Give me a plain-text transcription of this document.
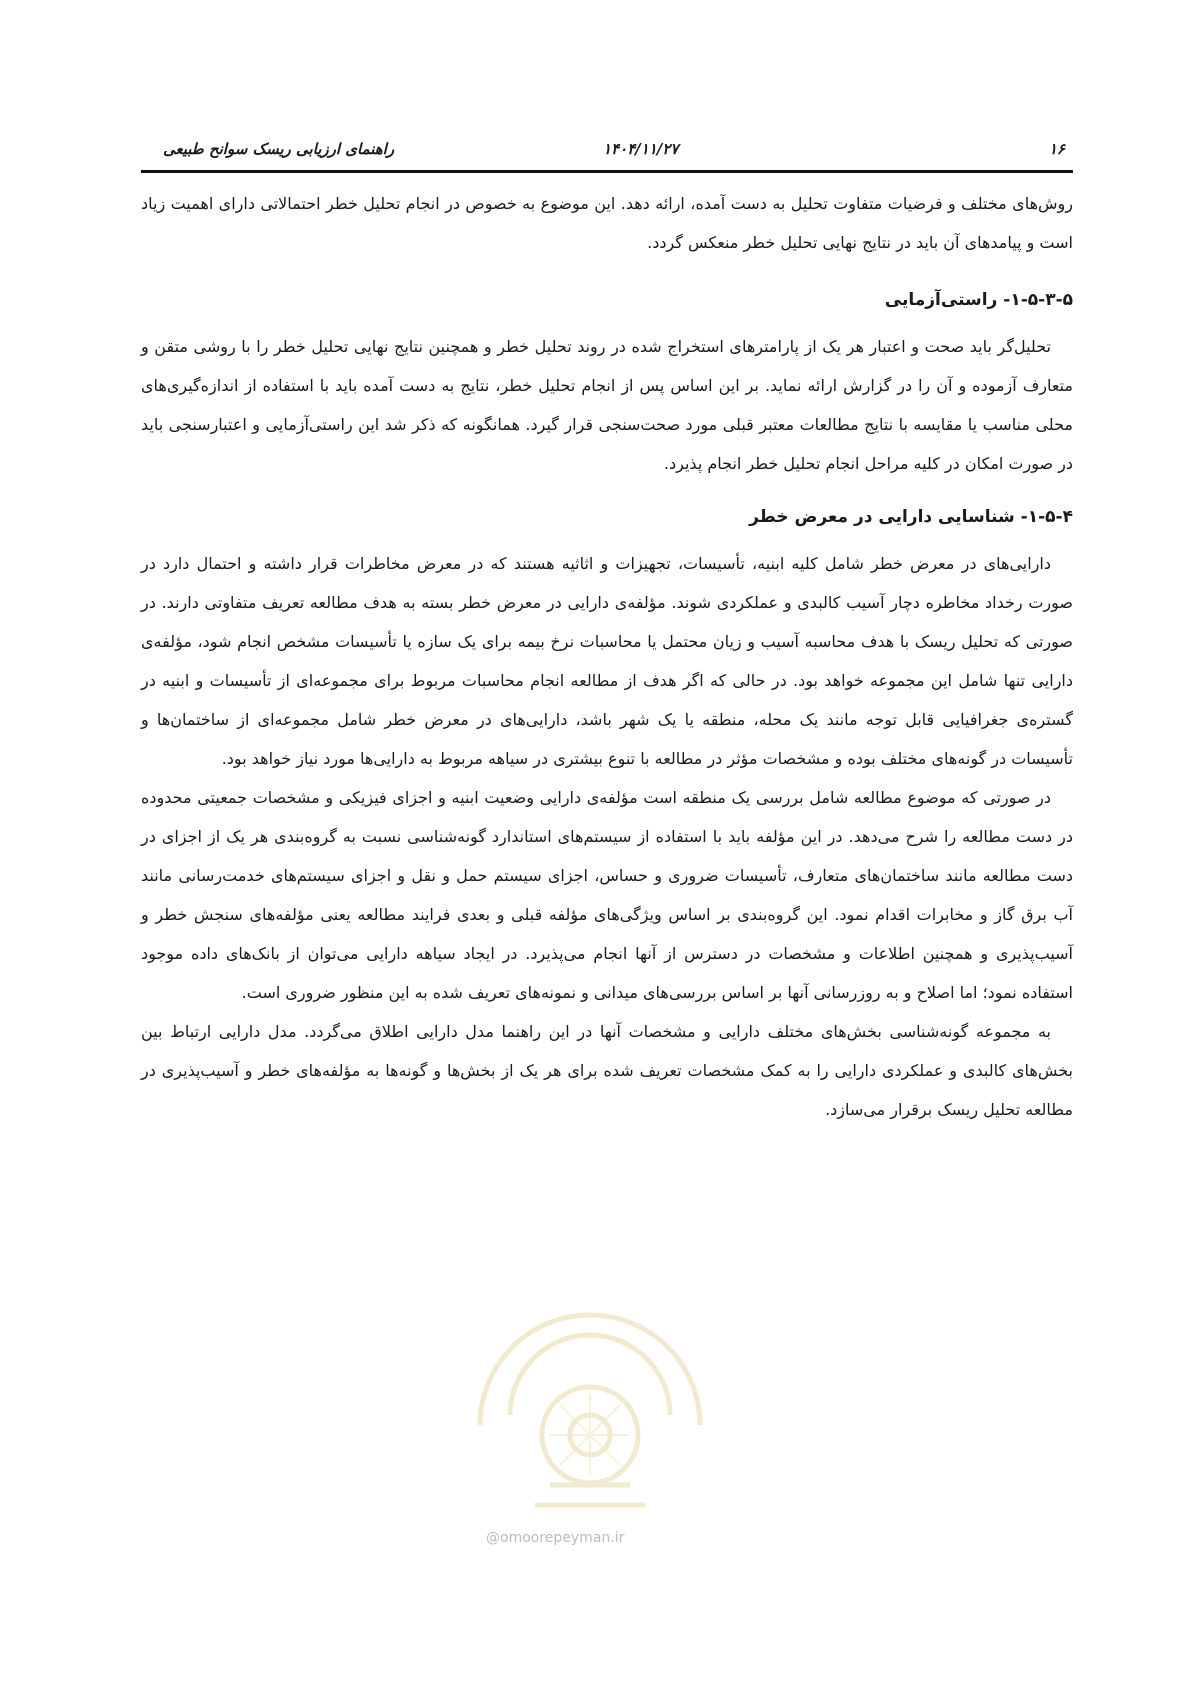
۱۶
۱۴۰۴/۱۱/۲۷
راهنمای ارزیابی ریسک سوانح طبیعی

روش‌های مختلف و فرضیات متفاوت تحلیل به دست آمده، ارائه دهد. این موضوع به خصوص در انجام تحلیل خطر احتمالاتی دارای اهمیت زیاد است و پیامدهای آن باید در نتایج نهایی تحلیل خطر منعکس گردد.

۱-۵-۳-۵- راستی‌آزمایی

تحلیل‌گر باید صحت و اعتبار هر یک از پارامترهای استخراج شده در روند تحلیل خطر و همچنین نتایج نهایی تحلیل خطر را با روشی متقن و متعارف آزموده و آن را در گزارش ارائه نماید. بر این اساس پس از انجام تحلیل خطر، نتایج به دست آمده باید با استفاده از اندازه‌گیری‌های محلی مناسب یا مقایسه با نتایج مطالعات معتبر قبلی مورد صحت‌سنجی قرار گیرد. همانگونه که ذکر شد این راستی‌آزمایی و اعتبارسنجی باید در صورت امکان در کلیه مراحل انجام تحلیل خطر انجام پذیرد.

۱-۵-۴- شناسایی دارایی در معرض خطر

دارایی‌های در معرض خطر شامل کلیه ابنیه، تأسیسات، تجهیزات و اثاثیه هستند که در معرض مخاطرات قرار داشته و احتمال دارد در صورت رخداد مخاطره دچار آسیب کالبدی و عملکردی شوند. مؤلفه‌ی دارایی در معرض خطر بسته به هدف مطالعه تعریف متفاوتی دارند. در صورتی که تحلیل ریسک با هدف محاسبه آسیب و زیان محتمل یا محاسبات نرخ بیمه برای یک سازه یا تأسیسات مشخص انجام شود، مؤلفه‌ی دارایی تنها شامل این مجموعه خواهد بود. در حالی که اگر هدف از مطالعه انجام محاسبات مربوط برای مجموعه‌ای از تأسیسات و ابنیه در گستره‌ی جغرافیایی قابل توجه مانند یک محله، منطقه یا یک شهر باشد، دارایی‌های در معرض خطر شامل مجموعه‌ای از ساختمان‌ها و تأسیسات در گونه‌های مختلف بوده و مشخصات مؤثر در مطالعه با تنوع بیشتری در سیاهه مربوط به دارایی‌ها مورد نیاز خواهد بود.

در صورتی که موضوع مطالعه شامل بررسی یک منطقه است مؤلفه‌ی دارایی وضعیت ابنیه و اجزای فیزیکی و مشخصات جمعیتی محدوده در دست مطالعه را شرح می‌دهد. در این مؤلفه باید با استفاده از سیستم‌های استاندارد گونه‌شناسی نسبت به گروه‌بندی هر یک از اجزای در دست مطالعه مانند ساختمان‌های متعارف، تأسیسات ضروری و حساس، اجزای سیستم حمل و نقل و اجزای سیستم‌های خدمت‌رسانی مانند آب برق گاز و مخابرات اقدام نمود. این گروه‌بندی بر اساس ویژگی‌های مؤلفه قبلی و بعدی فرایند مطالعه یعنی مؤلفه‌های سنجش خطر و آسیب‌پذیری و همچنین اطلاعات و مشخصات در دسترس از آنها انجام می‌پذیرد. در ایجاد سیاهه دارایی می‌توان از بانک‌های داده موجود استفاده نمود؛ اما اصلاح و به روزرسانی آنها بر اساس بررسی‌های میدانی و نمونه‌های تعریف شده به این منظور ضروری است.

به مجموعه گونه‌شناسی بخش‌های مختلف دارایی و مشخصات آنها در این راهنما مدل دارایی اطلاق می‌گردد. مدل دارایی ارتباط بین بخش‌های کالبدی و عملکردی دارایی را به کمک مشخصات تعریف شده برای هر یک از بخش‌ها و گونه‌ها به مؤلفه‌های خطر و آسیب‌پذیری در مطالعه تحلیل ریسک برقرار می‌سازد.

@omoorepeyman.ir
